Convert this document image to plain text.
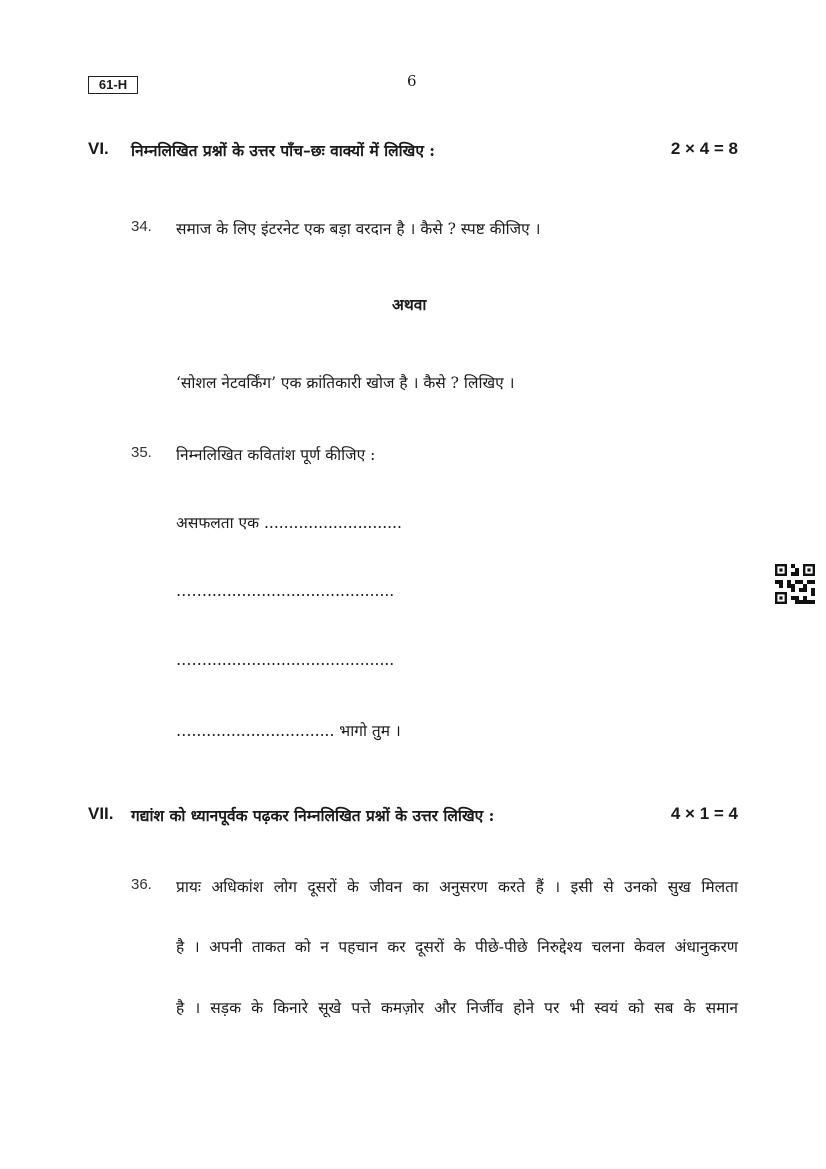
61-H	6
VI. निम्नलिखित प्रश्नों के उत्तर पाँच–छः वाक्यों में लिखिए :	2 × 4 = 8
34. समाज के लिए इंटरनेट एक बड़ा वरदान है । कैसे ? स्पष्ट कीजिए ।
अथवा
‘सोशल नेटवर्किंग’ एक क्रांतिकारी खोज है । कैसे ? लिखिए ।
35. निम्नलिखित कवितांश पूर्ण कीजिए :
असफलता एक ............................
……......................................
……......................................
…............................. भागो तुम ।
VII. गद्यांश को ध्यानपूर्वक पढ़कर निम्नलिखित प्रश्नों के उत्तर लिखिए :	4 × 1 = 4
36. प्रायः अधिकांश लोग दूसरों के जीवन का अनुसरण करते हैं । इसी से उनको सुख मिलता
है । अपनी ताकत को न पहचान कर दूसरों के पीछे-पीछे निरुद्देश्य चलना केवल अंधानुकरण
है । सड़क के किनारे सूखे पत्ते कमज़ोर और निर्जीव होने पर भी स्वयं को सब के समान
